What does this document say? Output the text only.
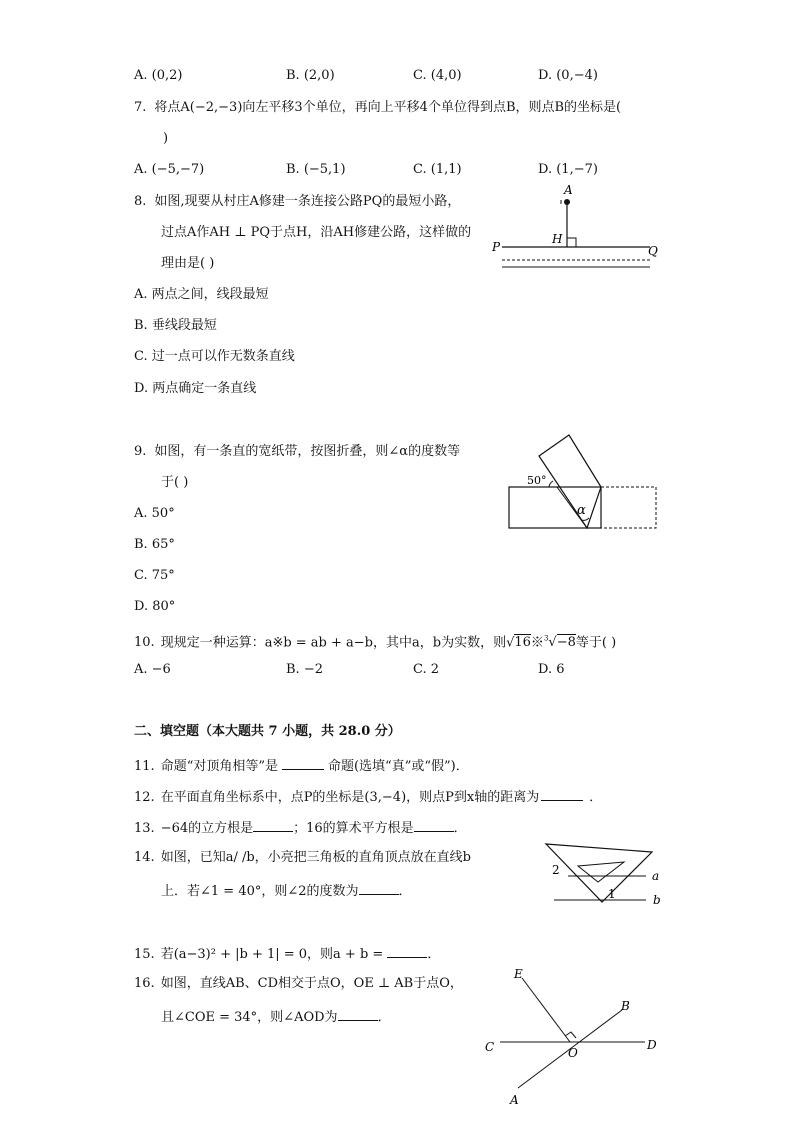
A. (0,2)	B. (2,0)	C. (4,0)	D. (0,−4)
7. 将点A(−2,−3)向左平移3个单位，再向上平移4个单位得到点B，则点B的坐标是(
)
A. (−5,−7)	B. (−5,1)	C. (1,1)	D. (1,−7)
8. 如图,现要从村庄A修建一条连接公路PQ的最短小路，
过点A作AH ⊥ PQ于点H，沿AH修建公路，这样做的
理由是( )
A. 两点之间，线段最短
B. 垂线段最短
C. 过一点可以作无数条直线
D. 两点确定一条直线
A
H
P	Q
9. 如图，有一条直的宽纸带，按图折叠，则∠α的度数等
于( )
A. 50°
B. 65°
C. 75°
D. 80°
50°
α
10. 现规定一种运算：a※b = ab + a−b，其中a，b为实数，则√16※$^3$√−8等于( )
A. −6	B. −2	C. 2	D. 6
二、填空题（本大题共 7 小题，共 28.0 分）
11. 命题“对顶角相等”是	命题(选填“真”或“假”)．
12. 在平面直角坐标系中，点P的坐标是(3,−4)，则点P到x轴的距离为	．
13. −64的立方根是	；16的算术平方根是	．
14. 如图，已知a/ /b，小亮把三角板的直角顶点放在直线b
上．若∠1 = 40°，则∠2的度数为	．
2
1
a
b
15. 若(a−3)² + |b + 1| = 0，则a + b =	．
16. 如图，直线AB、CD相交于点O，OE ⊥ AB于点O，
且∠COE = 34°，则∠AOD为	．
E
B
C	O
D
A
